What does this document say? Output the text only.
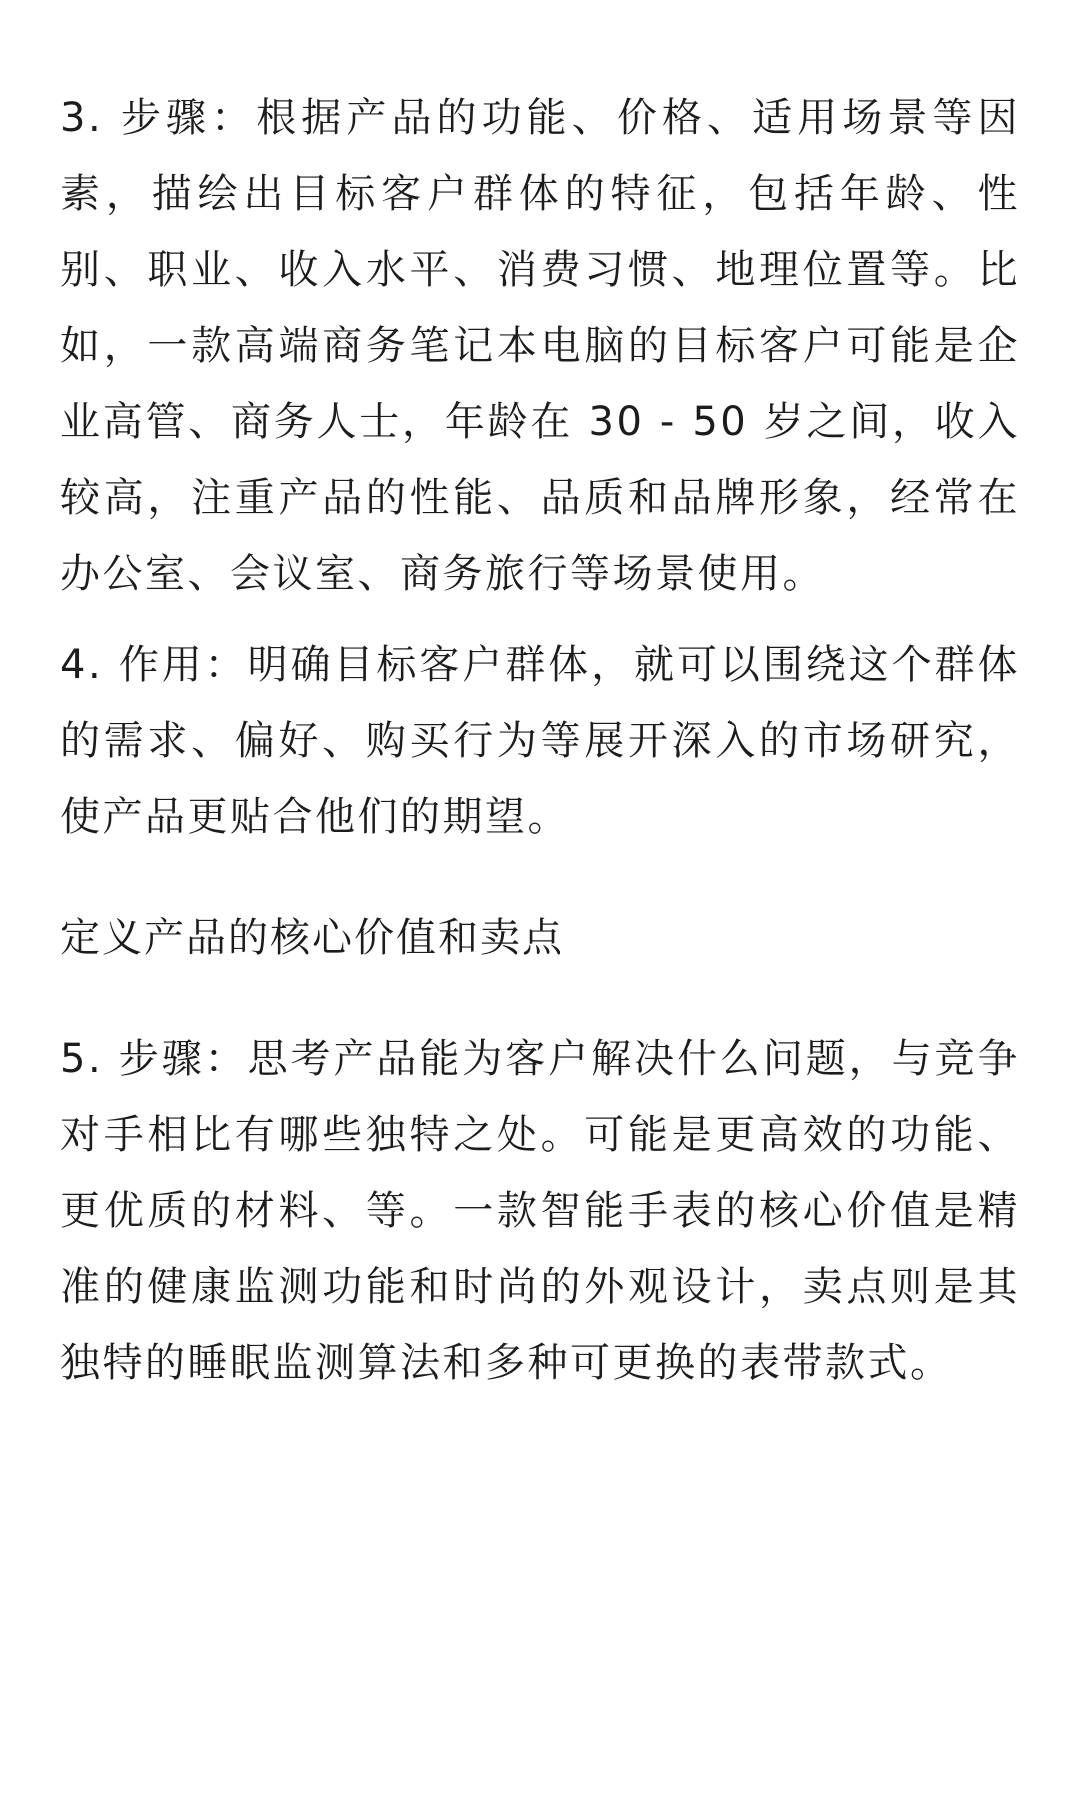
3. 步骤：根据产品的功能、价格、适用场景等因素，描绘出目标客户群体的特征，包括年龄、性别、职业、收入水平、消费习惯、地理位置等。比如，一款高端商务笔记本电脑的目标客户可能是企业高管、商务人士，年龄在 30 - 50 岁之间，收入较高，注重产品的性能、品质和品牌形象，经常在办公室、会议室、商务旅行等场景使用。

4. 作用：明确目标客户群体，就可以围绕这个群体的需求、偏好、购买行为等展开深入的市场研究，使产品更贴合他们的期望。

定义产品的核心价值和卖点

5. 步骤：思考产品能为客户解决什么问题，与竞争对手相比有哪些独特之处。可能是更高效的功能、更优质的材料、等。一款智能手表的核心价值是精准的健康监测功能和时尚的外观设计，卖点则是其独特的睡眠监测算法和多种可更换的表带款式。
